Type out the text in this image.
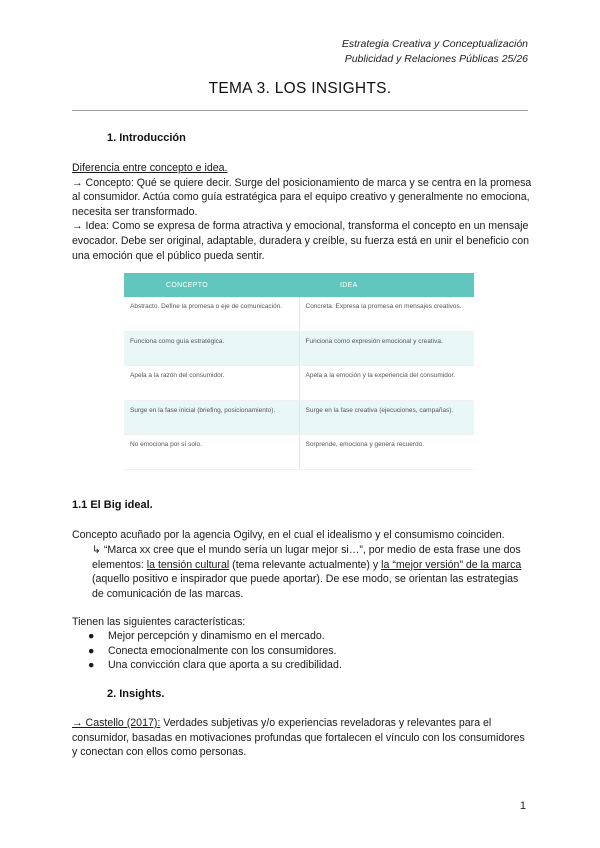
Estrategia Creativa y Conceptualización
Publicidad y Relaciones Públicas 25/26
TEMA 3. LOS INSIGHTS.
1. Introducción

Diferencia entre concepto e idea.

→ Concepto: Qué se quiere decir. Surge del posicionamiento de marca y se centra en la promesa al consumidor. Actúa como guía estratégica para el equipo creativo y generalmente no emociona, necesita ser transformado.

→ Idea: Como se expresa de forma atractiva y emocional, transforma el concepto en un mensaje evocador. Debe ser original, adaptable, duradera y creíble, su fuerza está en unir el beneficio con una emoción que el público pueda sentir.

CONCEPTO	IDEA
Abstracto. Define la promesa o eje de comunicación.	Concreta. Expresa la promesa en mensajes creativos.
Funciona como guía estratégica.	Funciona como expresión emocional y creativa.
Apela a la razón del consumidor.	Apela a la emoción y la experiencia del consumidor.
Surge en la fase inicial (briefing, posicionamiento).	Surge en la fase creativa (ejecuciones, campañas).
No emociona por sí solo.	Sorprende, emociona y genera recuerdo.
1.1 El Big ideal.
Concepto acuñado por la agencia Ogilvy, en el cual el idealismo y el consumismo coinciden.
↳ “Marca xx cree que el mundo sería un lugar mejor si…”, por medio de esta frase une dos elementos: la tensión cultural (tema relevante actualmente) y la “mejor versión” de la marca (aquello positivo e inspirador que puede aportar). De ese modo, se orientan las estrategias de comunicación de las marcas.
Tienen las siguientes características:
●	Mejor percepción y dinamismo en el mercado.
●	Conecta emocionalmente con los consumidores.
●	Una convicción clara que aporta a su credibilidad.
2. Insights.
→ Castello (2017): Verdades subjetivas y/o experiencias reveladoras y relevantes para el consumidor, basadas en motivaciones profundas que fortalecen el vínculo con los consumidores y conectan con ellos como personas.
1
